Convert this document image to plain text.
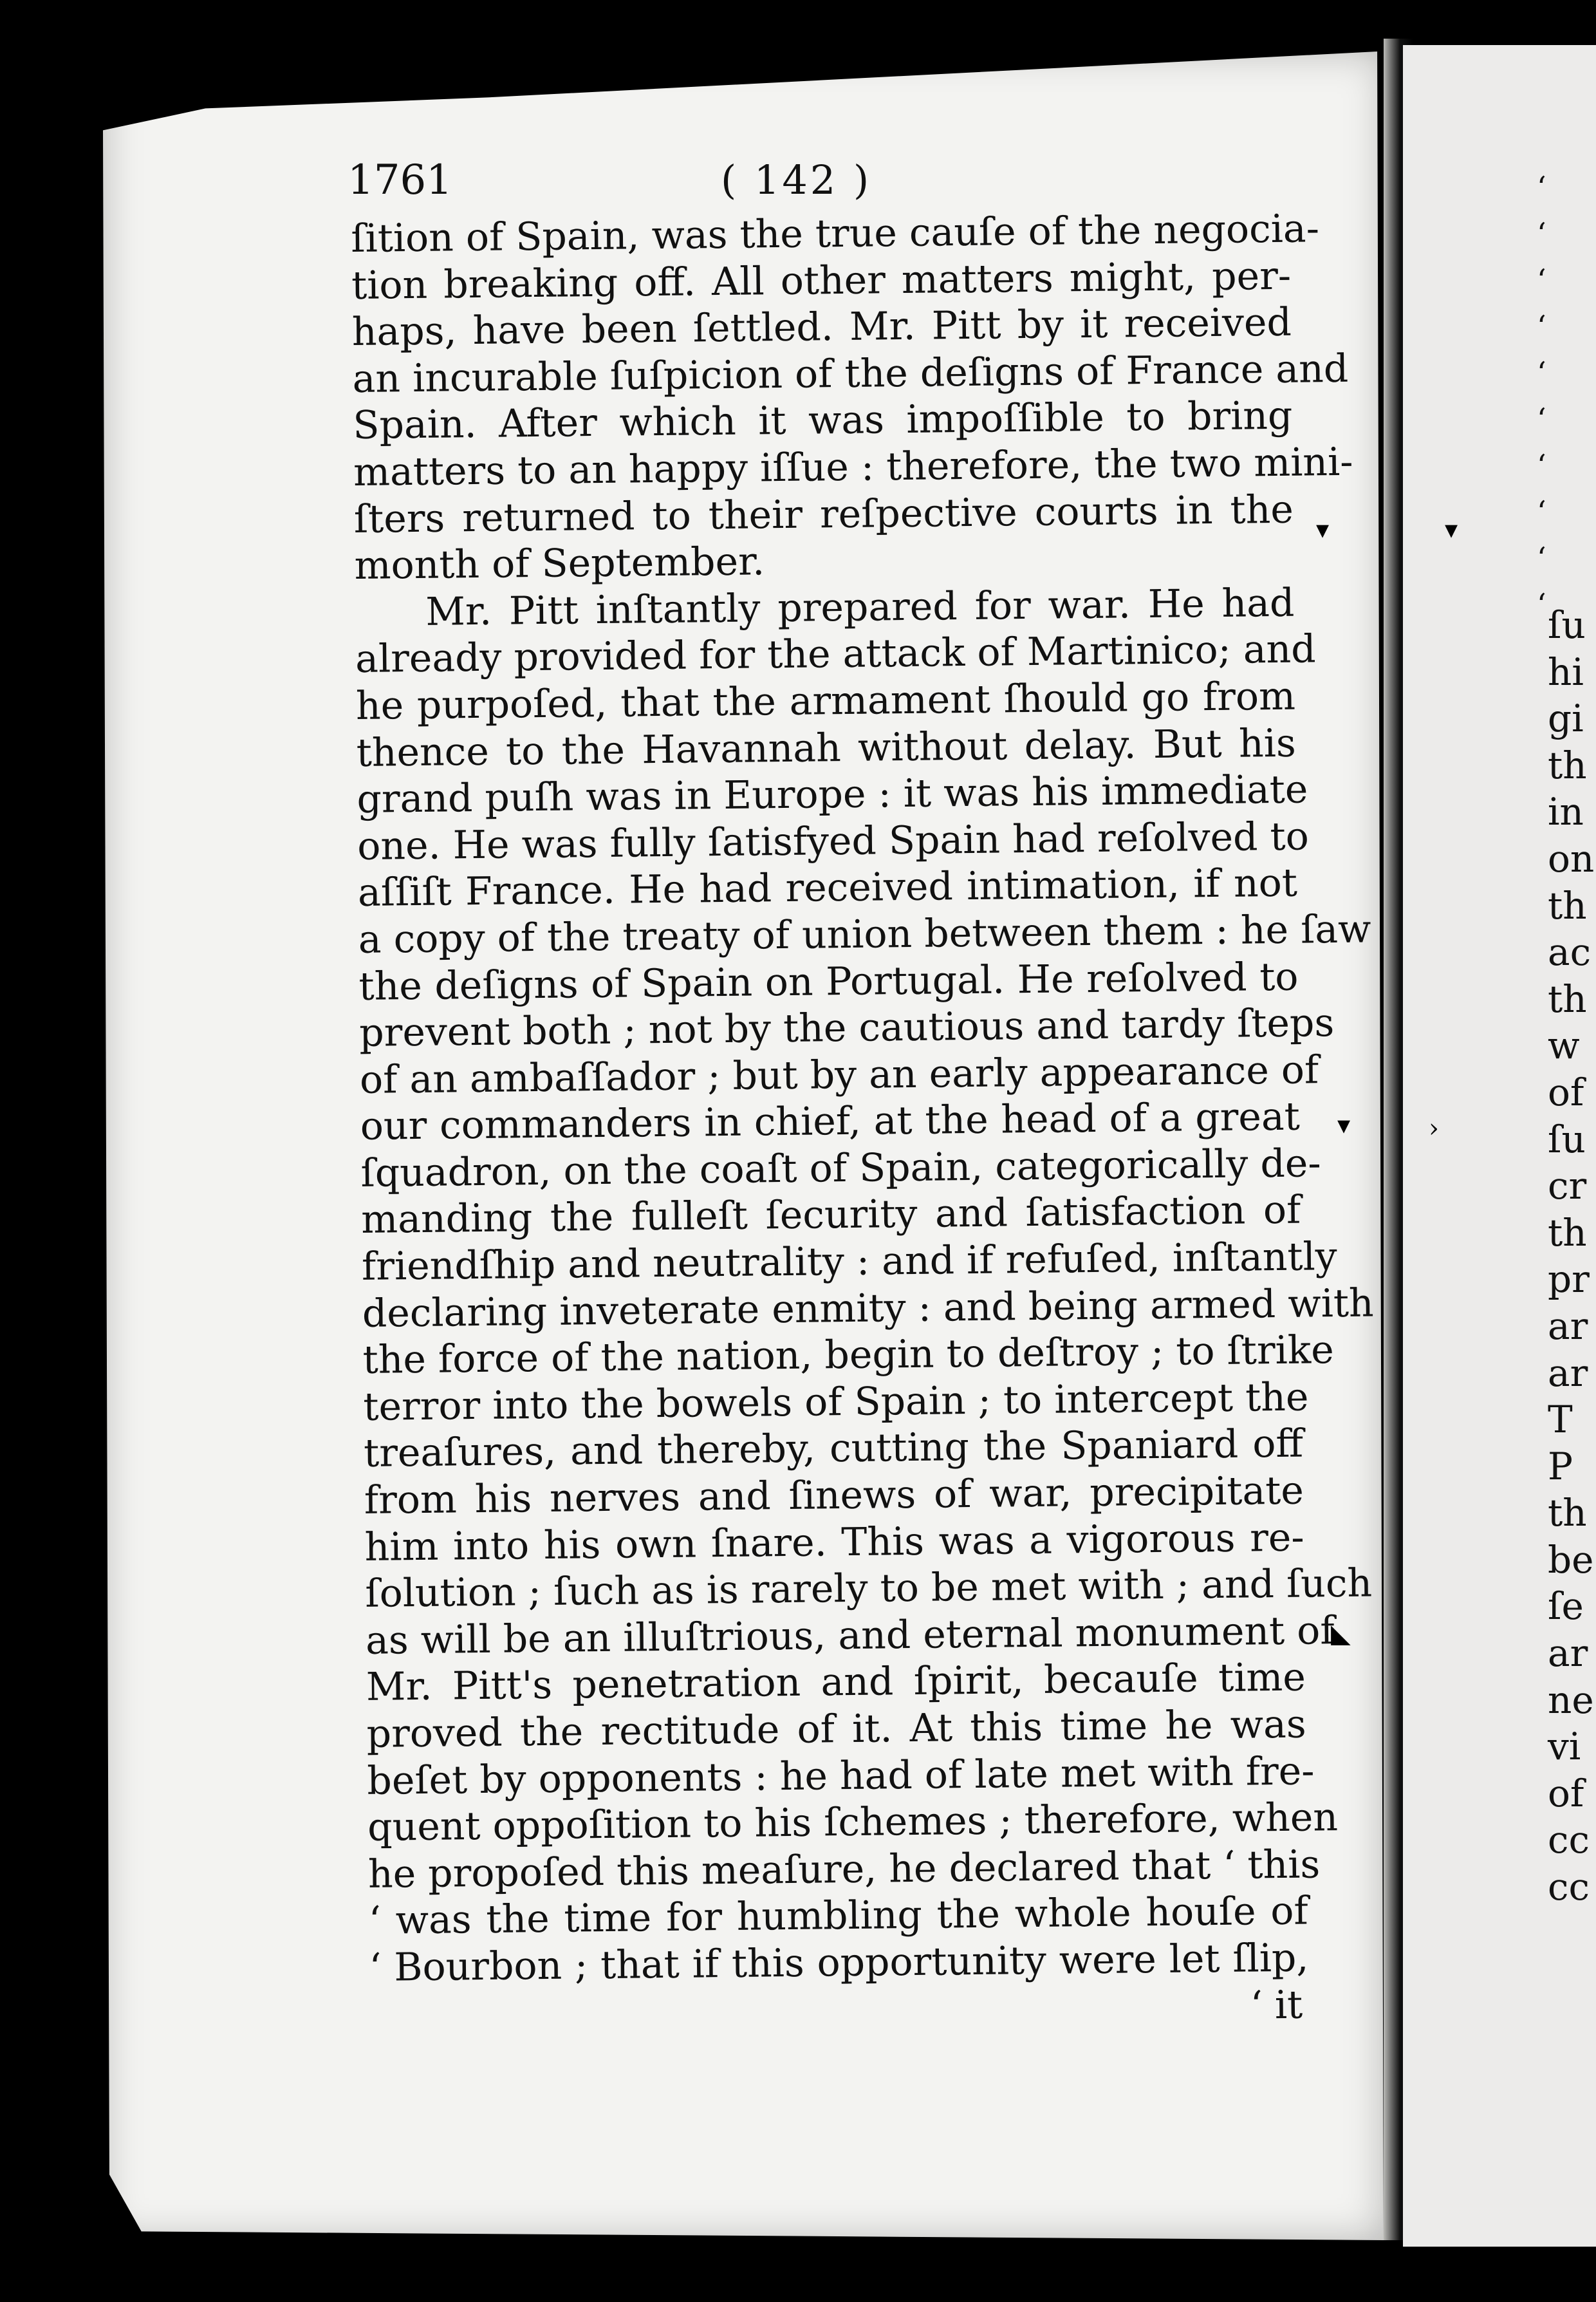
1761	( 142 )
ſition of Spain, was the true cauſe of the negocia-
tion breaking off. All other matters might, per-
haps, have been ſettled. Mr. Pitt by it received
an incurable ſuſpicion of the deſigns of France and
Spain. After which it was impoſſible to bring
matters to an happy iſſue : therefore, the two mini-
ſters returned to their reſpective courts in the
month of September.
Mr. Pitt inſtantly prepared for war. He had
already provided for the attack of Martinico; and
he purpoſed, that the armament ſhould go from
thence to the Havannah without delay. But his
grand puſh was in Europe : it was his immediate
one. He was fully ſatisfyed Spain had reſolved to
aſſiſt France. He had received intimation, if not
a copy of the treaty of union between them : he ſaw
the deſigns of Spain on Portugal. He reſolved to
prevent both ; not by the cautious and tardy ſteps
of an ambaſſador ; but by an early appearance of
our commanders in chief, at the head of a great
ſquadron, on the coaſt of Spain, categorically de-
manding the fulleſt ſecurity and ſatisfaction of
friendſhip and neutrality : and if refuſed, inſtantly
declaring inveterate enmity : and being armed with
the force of the nation, begin to deſtroy ; to ſtrike
terror into the bowels of Spain ; to intercept the
treaſures, and thereby, cutting the Spaniard off
from his nerves and ſinews of war, precipitate
him into his own ſnare. This was a vigorous re-
ſolution ; ſuch as is rarely to be met with ; and ſuch
as will be an illuſtrious, and eternal monument of
Mr. Pitt's penetration and ſpirit, becauſe time
proved the rectitude of it. At this time he was
beſet by opponents : he had of late met with fre-
quent oppoſition to his ſchemes ; therefore, when
he propoſed this meaſure, he declared that ‘ this
‘ was the time for humbling the whole houſe of
‘ Bourbon ; that if this opportunity were let ſlip,
‘ it
▾
▾
◣
▾
›
◥
‘
‘
‘
‘
‘
‘
‘
‘
‘
‘ ſu
hi
gi
th
in
on
th
ac
th
w
of
ſu
cr
th
pr
ar
ar
T
P
th
be
ſe
ar
ne
vi
of
cc
cc
